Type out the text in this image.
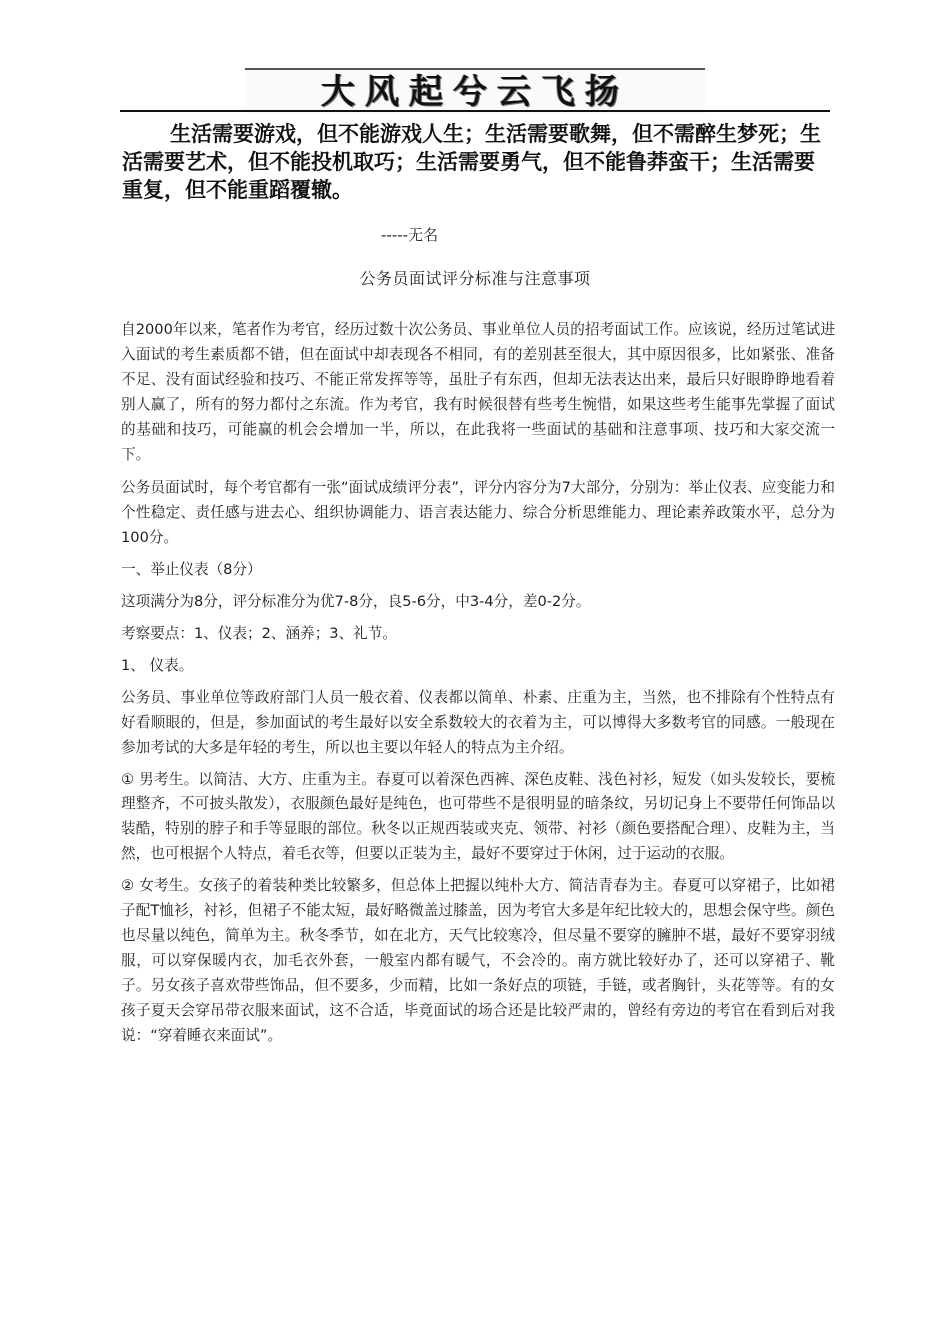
大风起兮云飞扬

生活需要游戏，但不能游戏人生；生活需要歌舞，但不需醉生梦死；生活需要艺术，但不能投机取巧；生活需要勇气，但不能鲁莽蛮干；生活需要重复，但不能重蹈覆辙。

-----无名

公务员面试评分标准与注意事项

自2000年以来，笔者作为考官，经历过数十次公务员、事业单位人员的招考面试工作。应该说，经历过笔试进入面试的考生素质都不错，但在面试中却表现各不相同，有的差别甚至很大，其中原因很多，比如紧张、准备不足、没有面试经验和技巧、不能正常发挥等等，虽肚子有东西，但却无法表达出来，最后只好眼睁睁地看着别人赢了，所有的努力都付之东流。作为考官，我有时候很替有些考生惋惜，如果这些考生能事先掌握了面试的基础和技巧，可能赢的机会会增加一半，所以，在此我将一些面试的基础和注意事项、技巧和大家交流一下。

公务员面试时，每个考官都有一张“面试成绩评分表”，评分内容分为7大部分，分别为：举止仪表、应变能力和个性稳定、责任感与进去心、组织协调能力、语言表达能力、综合分析思维能力、理论素养政策水平，总分为100分。

一、举止仪表（8分）

这项满分为8分，评分标准分为优7-8分，良5-6分，中3-4分，差0-2分。

考察要点：1、仪表；2、涵养；3、礼节。

1、 仪表。

公务员、事业单位等政府部门人员一般衣着、仪表都以简单、朴素、庄重为主，当然，也不排除有个性特点有好看顺眼的，但是，参加面试的考生最好以安全系数较大的衣着为主，可以博得大多数考官的同感。一般现在参加考试的大多是年轻的考生，所以也主要以年轻人的特点为主介绍。

① 男考生。以简洁、大方、庄重为主。春夏可以着深色西裤、深色皮鞋、浅色衬衫，短发（如头发较长，要梳理整齐，不可披头散发），衣服颜色最好是纯色，也可带些不是很明显的暗条纹，另切记身上不要带任何饰品以装酷，特别的脖子和手等显眼的部位。秋冬以正规西装或夹克、领带、衬衫（颜色要搭配合理）、皮鞋为主，当然，也可根据个人特点，着毛衣等，但要以正装为主，最好不要穿过于休闲，过于运动的衣服。

② 女考生。女孩子的着装种类比较繁多，但总体上把握以纯朴大方、简洁青春为主。春夏可以穿裙子，比如裙子配T恤衫，衬衫，但裙子不能太短，最好略微盖过膝盖，因为考官大多是年纪比较大的，思想会保守些。颜色也尽量以纯色，简单为主。秋冬季节，如在北方，天气比较寒冷，但尽量不要穿的臃肿不堪，最好不要穿羽绒服，可以穿保暖内衣，加毛衣外套，一般室内都有暖气，不会冷的。南方就比较好办了，还可以穿裙子、靴子。另女孩子喜欢带些饰品，但不要多，少而精，比如一条好点的项链，手链，或者胸针，头花等等。有的女孩子夏天会穿吊带衣服来面试，这不合适，毕竟面试的场合还是比较严肃的，曾经有旁边的考官在看到后对我说：“穿着睡衣来面试”。
